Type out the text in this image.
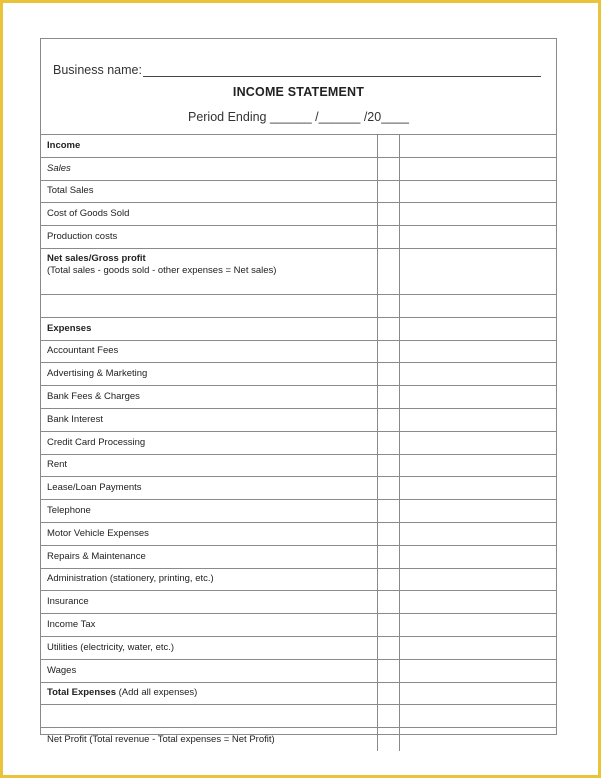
Business name:
INCOME STATEMENT
Period Ending ______ /______ /20____
Income
Sales
Total Sales
Cost of Goods Sold
Production costs
Net sales/Gross profit
(Total sales - goods sold - other expenses = Net sales)
Expenses
Accountant Fees
Advertising & Marketing
Bank Fees & Charges
Bank Interest
Credit Card Processing
Rent
Lease/Loan Payments
Telephone
Motor Vehicle Expenses
Repairs & Maintenance
Administration (stationery, printing, etc.)
Insurance
Income Tax
Utilities (electricity, water, etc.)
Wages
Total Expenses (Add all expenses)
Net Profit (Total revenue - Total expenses = Net Profit)
